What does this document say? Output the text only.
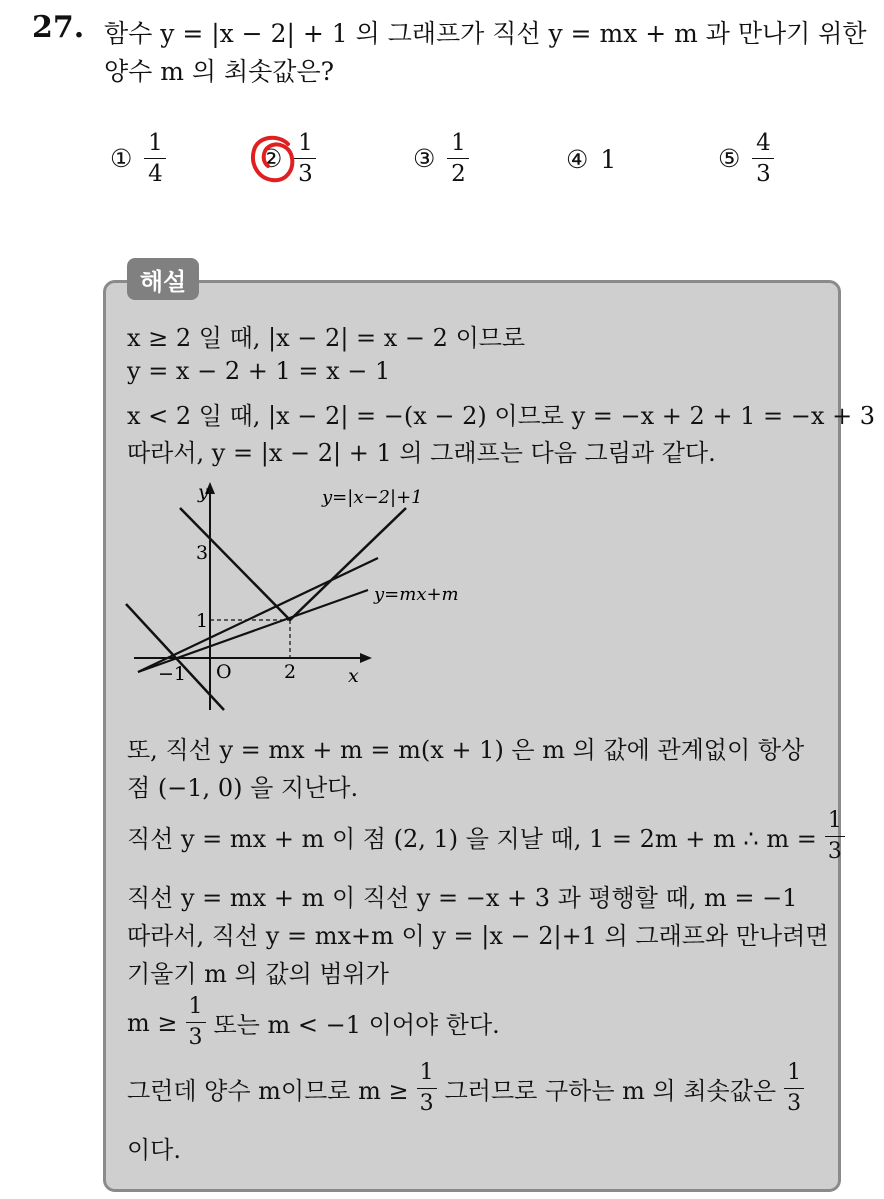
27. 함수 y = |x − 2| + 1 의 그래프가 직선 y = mx + m 과 만나기 위한
양수 m 의 최솟값은?
① $\frac{1}{4}$	② $\frac{1}{3}$	③ $\frac{1}{2}$	④ 1	⑤ $\frac{4}{3}$
해설
x ≥ 2 일 때, |x − 2| = x − 2 이므로
y = x − 2 + 1 = x − 1
x < 2 일 때, |x − 2| = −(x − 2) 이므로 y = −x + 2 + 1 = −x + 3
따라서, y = |x − 2| + 1 의 그래프는 다음 그림과 같다.
y
x
O
3
1
2
−1
y=|x−2|+1
y=mx+m
또, 직선 y = mx + m = m(x + 1) 은 m 의 값에 관계없이 항상
점 (−1, 0) 을 지난다.
직선 y = mx + m 이 점 (2, 1) 을 지날 때, 1 = 2m + m ∴ $m = \frac{1}{3}$
직선 y = mx + m 이 직선 y = −x + 3 과 평행할 때, m = −1
따라서, 직선 y = mx+m 이 y = |x − 2|+1 의 그래프와 만나려면
기울기 m 의 값의 범위가
$m \ge \frac{1}{3}$ 또는 m < −1 이어야 한다.
그런데 양수 m이므로 $m \ge \frac{1}{3}$ 그러므로 구하는 m 의 최솟값은 $\frac{1}{3}$
이다.
